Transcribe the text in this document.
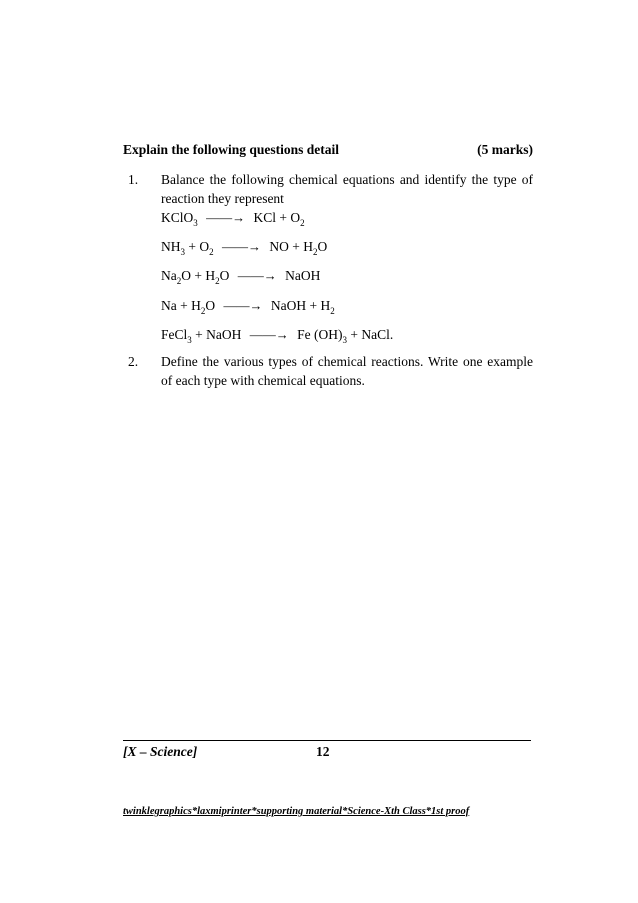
Explain the following questions detail	(5 marks)
1. Balance the following chemical equations and identify the type of reaction they represent
KClO$_3$ ——→ KCl + $O_2$
$NH_3 + O_2$ ——→ NO + $H_2O$
$Na_2O + H_2O$ ——→ NaOH
$Na + H_2O$ ——→ NaOH + $H_2$
FeCl$_3$ + NaOH ——→ Fe $(OH)_3$ + NaCl.
2. Define the various types of chemical reactions. Write one example of each type with chemical equations.
[X – Science]	12
twinklegraphics*laxmiprinter*supporting material*Science-Xth Class*1st proof
